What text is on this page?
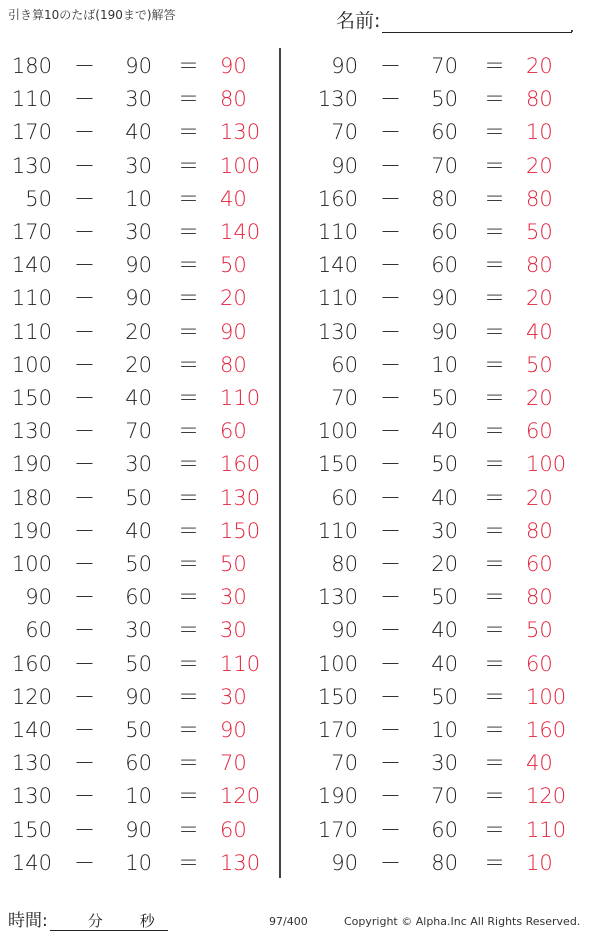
引き算10のたば(190まで)解答	名前:	.
180 －	90 ＝ 90
110 －	30 ＝ 80
170 －	40 ＝ 130
130 －	30 ＝ 100
50 －	10 ＝ 40
170 －	30 ＝ 140
140 －	90 ＝ 50
110 －	90 ＝ 20
110 －	20 ＝ 90
100 －	20 ＝ 80
150 －	40 ＝ 110
130 －	70 ＝ 60
190 －	30 ＝ 160
180 －	50 ＝ 130
190 －	40 ＝ 150
100 －	50 ＝ 50
90 －	60 ＝ 30
60 －	30 ＝ 30
160 －	50 ＝ 110
120 －	90 ＝ 30
140 －	50 ＝ 90
130 －	60 ＝ 70
130 －	10 ＝ 120
150 －	90 ＝ 60
140 －	10 ＝ 130
90 －	70 ＝ 20
130 －	50 ＝ 80
70 －	60 ＝ 10
90 －	70 ＝ 20
160 －	80 ＝ 80
110 －	60 ＝ 50
140 －	60 ＝ 80
110 －	90 ＝ 20
130 －	90 ＝ 40
60 －	10 ＝ 50
70 －	50 ＝ 20
100 －	40 ＝ 60
150 －	50 ＝ 100
60 －	40 ＝ 20
110 －	30 ＝ 80
80 －	20 ＝ 60
130 －	50 ＝ 80
90 －	40 ＝ 50
100 －	40 ＝ 60
150 －	50 ＝ 100
170 －	10 ＝ 160
70 －	30 ＝ 40
190 －	70 ＝ 120
170 －	60 ＝ 110
90 －	80 ＝ 10
時間:	分 秒	97/400	Copyright © Alpha.Inc All Rights Reserved.
